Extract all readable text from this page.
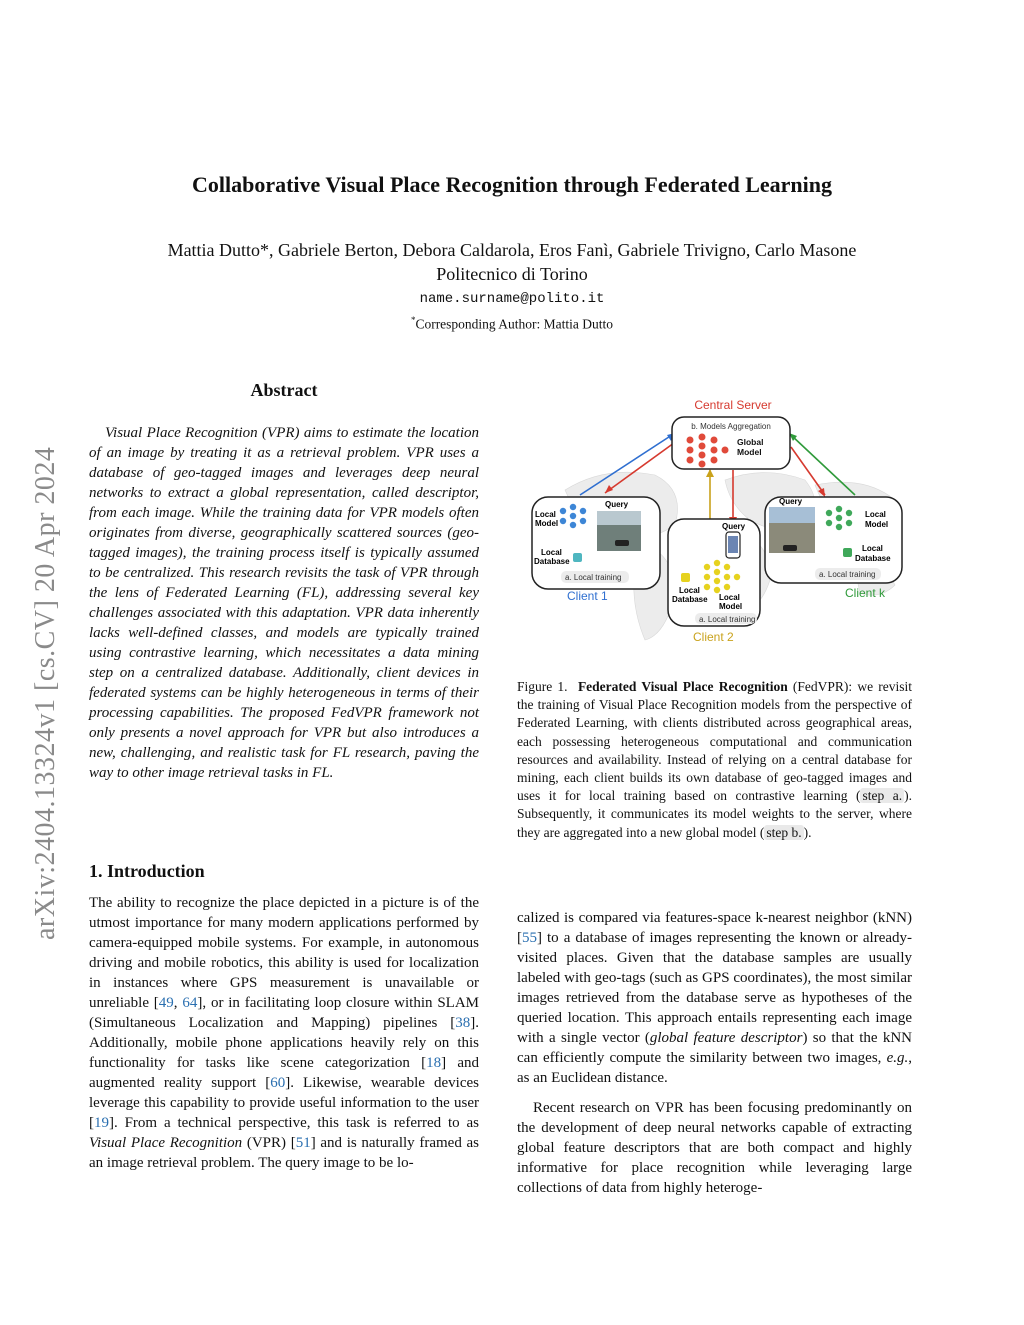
arXiv:2404.13324v1 [cs.CV] 20 Apr 2024
Collaborative Visual Place Recognition through Federated Learning
Mattia Dutto*, Gabriele Berton, Debora Caldarola, Eros Fanì, Gabriele Trivigno, Carlo Masone
Politecnico di Torino
name.surname@polito.it
*Corresponding Author: Mattia Dutto
Abstract

Visual Place Recognition (VPR) aims to estimate the location of an image by treating it as a retrieval problem. VPR uses a database of geo-tagged images and leverages deep neural networks to extract a global representation, called descriptor, from each image. While the training data for VPR models often originates from diverse, geographically scattered sources (geo-tagged images), the training process itself is typically assumed to be centralized. This research revisits the task of VPR through the lens of Federated Learning (FL), addressing several key challenges associated with this adaptation. VPR data inherently lacks well-defined classes, and models are typically trained using contrastive learning, which necessitates a data mining step on a centralized database. Additionally, client devices in federated systems can be highly heterogeneous in terms of their processing capabilities. The proposed FedVPR framework not only presents a novel approach for VPR but also introduces a new, challenging, and realistic task for FL research, paving the way to other image retrieval tasks in FL.

1. Introduction

The ability to recognize the place depicted in a picture is of the utmost importance for many modern applications performed by camera-equipped mobile systems. For example, in autonomous driving and mobile robotics, this ability is used for localization in instances where GPS measurement is unavailable or unreliable [49, 64], or in facilitating loop closure within SLAM (Simultaneous Localization and Mapping) pipelines [38]. Additionally, mobile phone applications heavily rely on this functionality for tasks like scene categorization [18] and augmented reality support [60]. Likewise, wearable devices leverage this capability to provide useful information to the user [19]. From a technical perspective, this task is referred to as Visual Place Recognition (VPR) [51] and is naturally framed as an image retrieval problem. The query image to be lo-

Central Server
b. Models Aggregation
Global
Model
Local
Model
Query
Local
Database
a. Local training
Client 1
Query
Local
Database Local
Model
a. Local training
Client 2
Query
Local
Model
Local
Database
a. Local training
Client k

Figure 1. Federated Visual Place Recognition (FedVPR): we revisit the training of Visual Place Recognition models from the perspective of Federated Learning, with clients distributed across geographical areas, each possessing heterogeneous computational and communication resources and availability. Instead of relying on a central database for mining, each client builds its own database of geo-tagged images and uses it for local training based on contrastive learning ( step a. ). Subsequently, it communicates its model weights to the server, where they are aggregated into a new global model ( step b. ).

calized is compared via features-space k-nearest neighbor (kNN) [55] to a database of images representing the known or already-visited places. Given that the database samples are usually labeled with geo-tags (such as GPS coordinates), the most similar images retrieved from the database serve as hypotheses of the queried location. This approach entails representing each image with a single vector (global feature descriptor) so that the kNN can efficiently compute the similarity between two images, e.g., as an Euclidean distance.

Recent research on VPR has been focusing predominantly on the development of deep neural networks capable of extracting global feature descriptors that are both compact and highly informative for place recognition while leveraging large collections of data from highly heteroge-
